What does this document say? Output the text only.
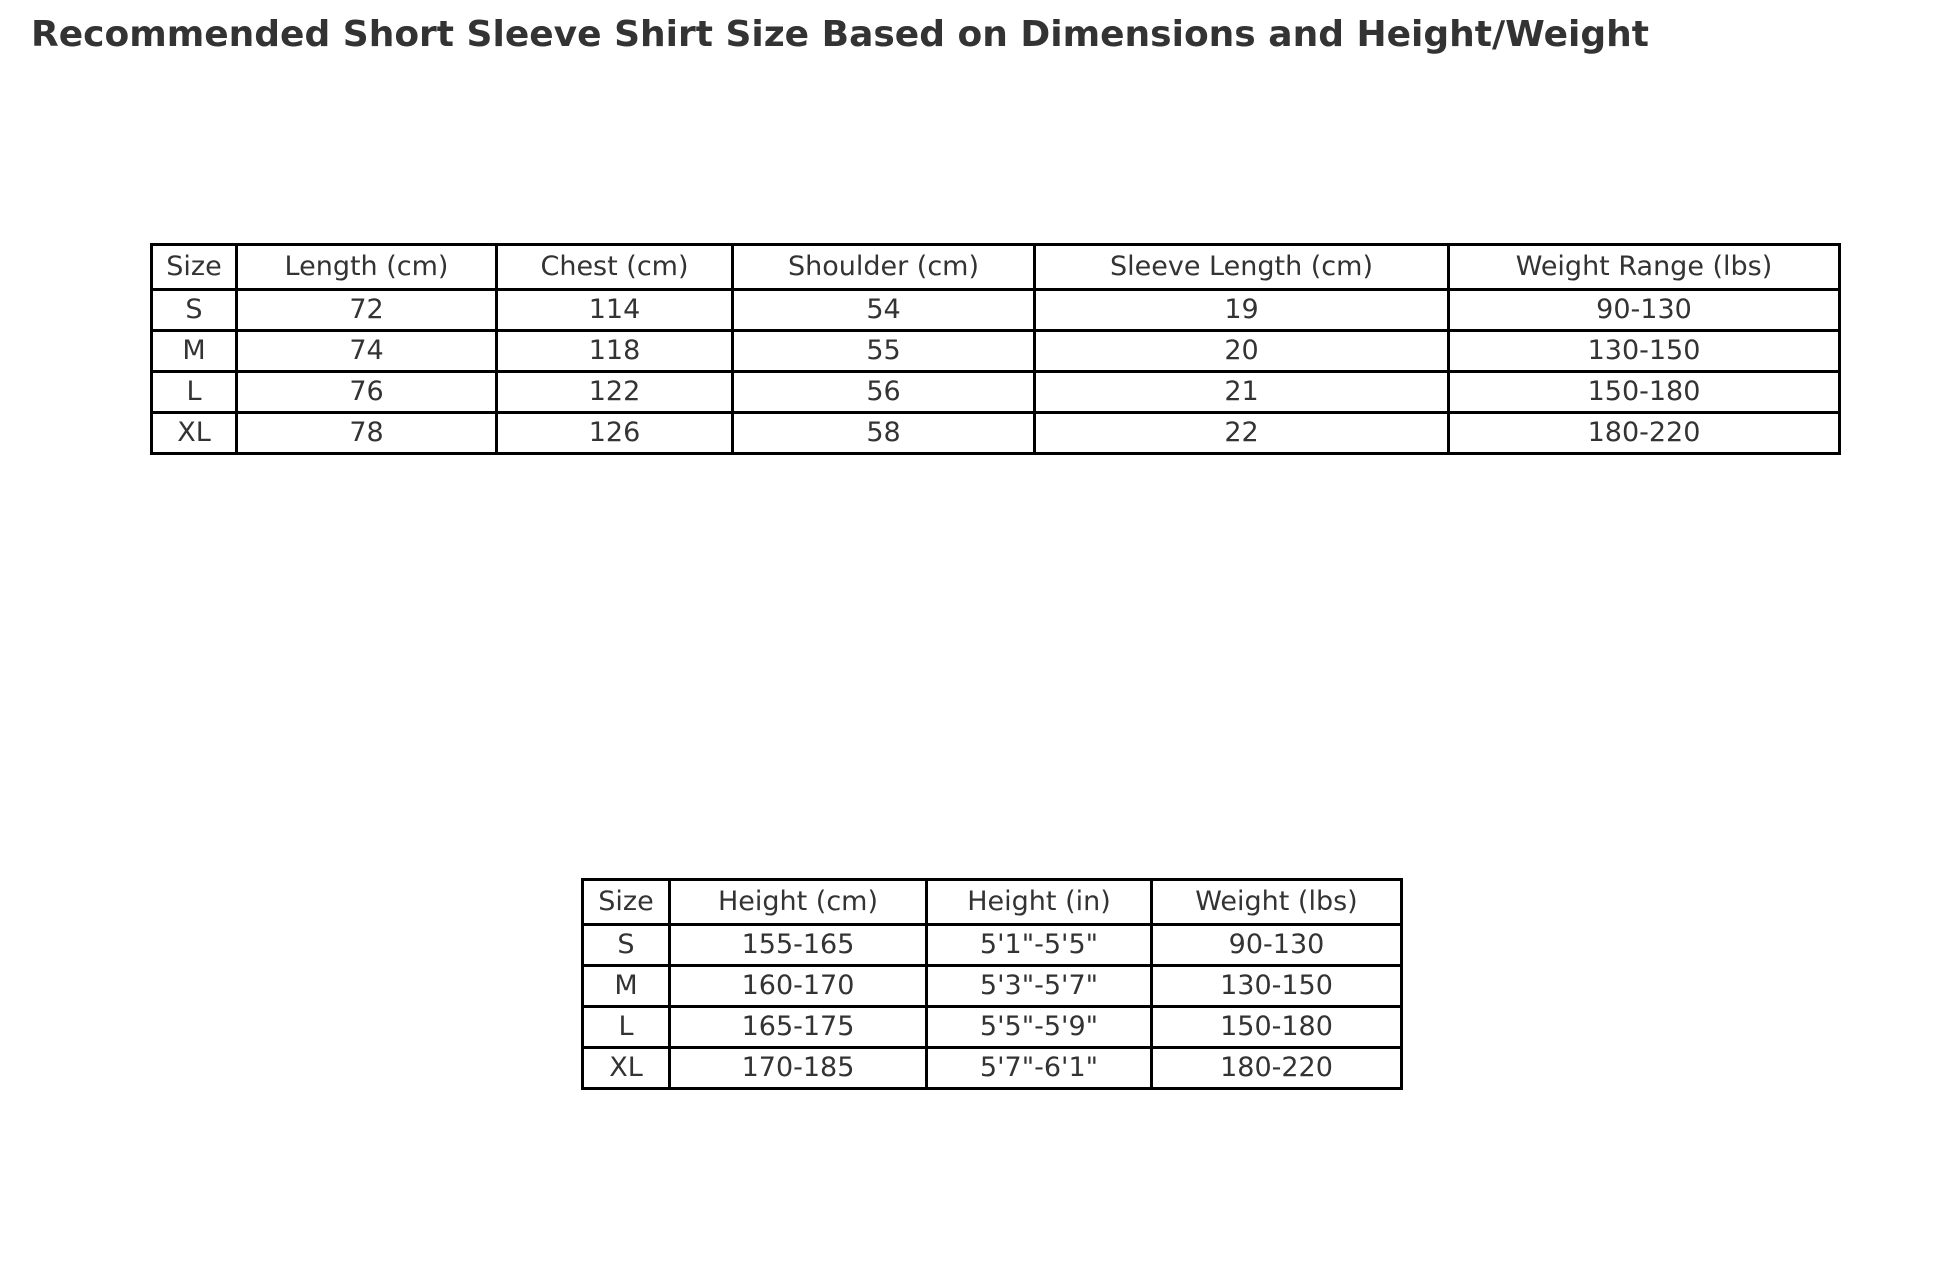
Recommended Short Sleeve Shirt Size Based on Dimensions and Height/Weight
Size	Length (cm)	Chest (cm)	Shoulder (cm)	Sleeve Length (cm)	Weight Range (lbs)
S	72	114	54	19	90-130
M	74	118	55	20	130-150
L	76	122	56	21	150-180
XL	78	126	58	22	180-220
Size	Height (cm)	Height (in)	Weight (lbs)
S	155-165	5'1"-5'5"	90-130
M	160-170	5'3"-5'7"	130-150
L	165-175	5'5"-5'9"	150-180
XL	170-185	5'7"-6'1"	180-220
